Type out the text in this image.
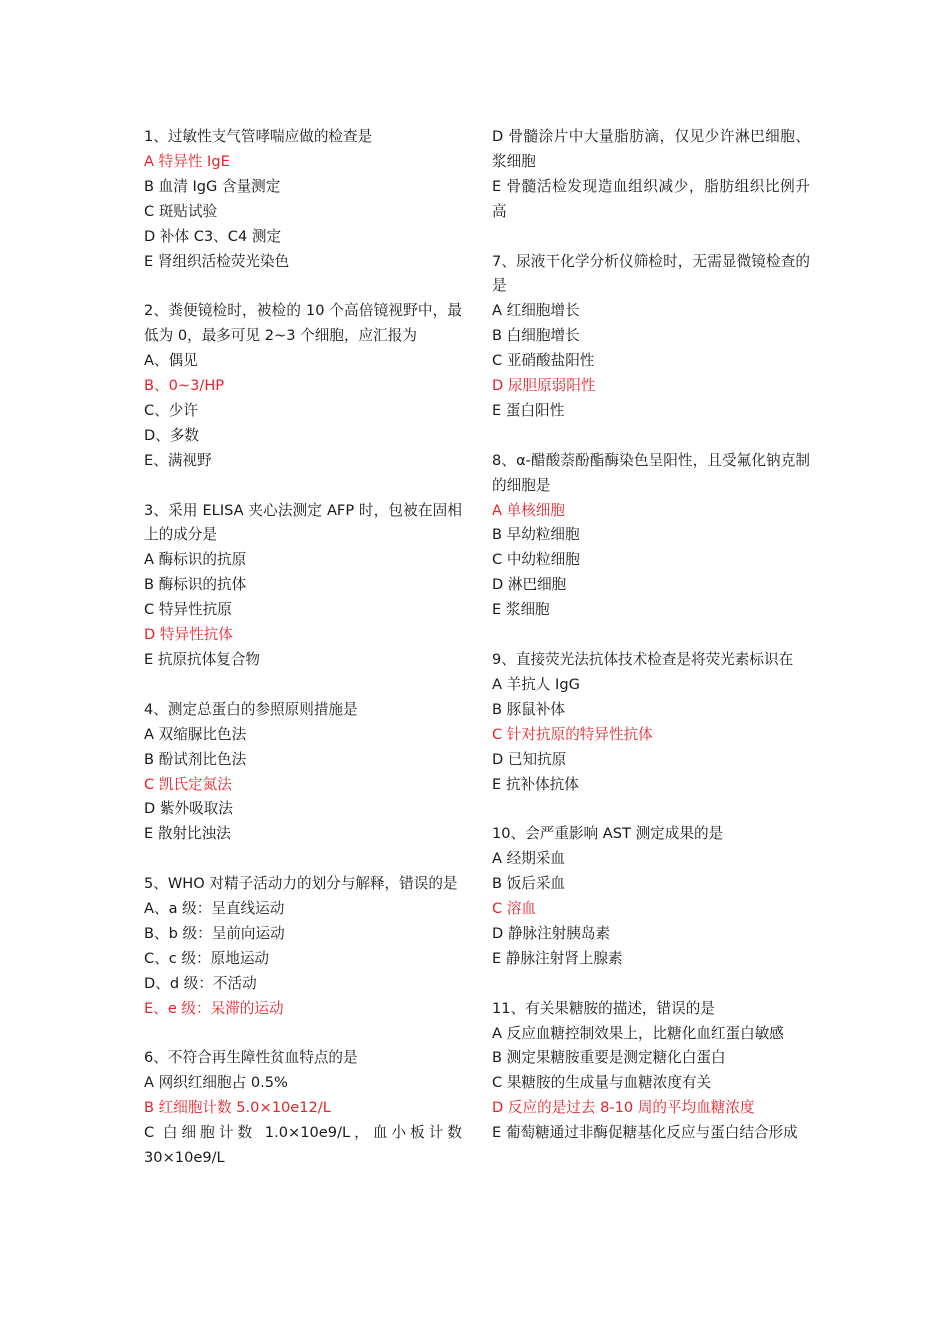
1、过敏性支气管哮喘应做的检查是
A 特异性 IgE
B 血清 IgG 含量测定
C 斑贴试验
D 补体 C3、C4 测定
E 肾组织活检荧光染色
2、粪便镜检时，被检的 10 个高倍镜视野中，最低为 0，最多可见 2~3 个细胞，应汇报为
A、偶见
B、0~3/HP
C、少许
D、多数
E、满视野
3、采用 ELISA 夹心法测定 AFP 时，包被在固相上的成分是
A 酶标识的抗原
B 酶标识的抗体
C 特异性抗原
D 特异性抗体
E 抗原抗体复合物
4、测定总蛋白的参照原则措施是
A 双缩脲比色法
B 酚试剂比色法
C 凯氏定氮法
D 紫外吸取法
E 散射比浊法
5、WHO 对精子活动力的划分与解释，错误的是
A、a 级：呈直线运动
B、b 级：呈前向运动
C、c 级：原地运动
D、d 级：不活动
E、e 级：呆滞的运动
6、不符合再生障性贫血特点的是
A 网织红细胞占 0.5%
B 红细胞计数 5.0×10e12/L
C 白细胞计数 1.0×10e9/L，血小板计数 30×10e9/L
D 骨髓涂片中大量脂肪滴，仅见少许淋巴细胞、浆细胞
E 骨髓活检发现造血组织减少，脂肪组织比例升高
7、尿液干化学分析仪筛检时，无需显微镜检查的是
A 红细胞增长
B 白细胞增长
C 亚硝酸盐阳性
D 尿胆原弱阳性
E 蛋白阳性
8、α-醋酸萘酚酯酶染色呈阳性，且受氟化钠克制的细胞是
A 单核细胞
B 早幼粒细胞
C 中幼粒细胞
D 淋巴细胞
E 浆细胞
9、直接荧光法抗体技术检查是将荧光素标识在
A 羊抗人 IgG
B 豚鼠补体
C 针对抗原的特异性抗体
D 已知抗原
E 抗补体抗体
10、会严重影响 AST 测定成果的是
A 经期采血
B 饭后采血
C 溶血
D 静脉注射胰岛素
E 静脉注射肾上腺素
11、有关果糖胺的描述，错误的是
A 反应血糖控制效果上，比糖化血红蛋白敏感
B 测定果糖胺重要是测定糖化白蛋白
C 果糖胺的生成量与血糖浓度有关
D 反应的是过去 8-10 周的平均血糖浓度
E 葡萄糖通过非酶促糖基化反应与蛋白结合形成
